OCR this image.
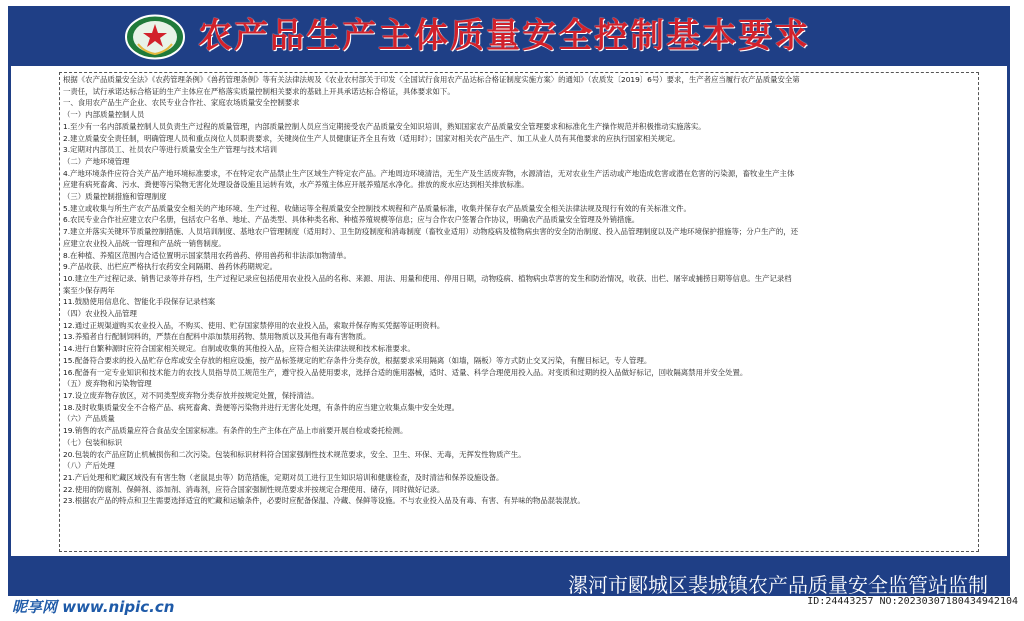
农产品生产主体质量安全控制基本要求

根据《农产品质量安全法》《农药管理条例》《兽药管理条例》等有关法律法规及《农业农村部关于印发〈全国试行食用农产品达标合格证制度实施方案〉的通知》（农质发〔2019〕6号）要求，生产者应当履行农产品质量安全第

一责任，试行承诺达标合格证的生产主体应在严格落实质量控制相关要求的基础上开具承诺达标合格证，具体要求如下。

一、食用农产品生产企业、农民专业合作社、家庭农场质量安全控制要求

（一）内部质量控制人员

1.至少有一名内部质量控制人员负责生产过程的质量管理，内部质量控制人员应当定期接受农产品质量安全知识培训，熟知国家农产品质量安全管理要求和标准化生产操作规范并积极推动实施落实。

2.建立质量安全责任制，明确管理人员和重点岗位人员职责要求，关键岗位生产人员健康证齐全且有效（适用时）；国家对相关农产品生产、加工从业人员有其他要求的应执行国家相关规定。

3.定期对内部员工、社员农户等进行质量安全生产管理与技术培训

（二）产地环境管理

4.产地环境条件应符合关产品产地环境标准要求，不在特定农产品禁止生产区域生产特定农产品。产地周边环境清洁，无生产及生活废弃物，水源清洁，无对农业生产活动或产地造成危害或潜在危害的污染源，畜牧业生产主体

应建有病死畜禽、污水、粪便等污染物无害化处理设备设施且运转有效，水产养殖主体应开展养殖尾水净化。排放的废水应达到相关排放标准。

（三）质量控制措施和管理制度

5.建立或收集与所生产农产品质量安全相关的产地环境、生产过程、收储运等全程质量安全控制技术规程和产品质量标准，收集并保存农产品质量安全相关法律法规及现行有效的有关标准文件。

6.农民专业合作社应建立农户名册，包括农户名单、地址、产品类型、具体种类名称、种植养殖规模等信息；应与合作农户签署合作协议，明确农产品质量安全管理及外销措施。

7.建立并落实关键环节质量控制措施、人员培训制度、基地农户管理制度（适用时）、卫生防疫制度和消毒制度（畜牧业适用）动物疫病及植物病虫害的安全防治制度、投入品管理制度以及产地环境保护措施等；分户生产的，还

应建立农业投入品统一管理和产品统一销售制度。

8.在种植、养殖区范围内合适位置明示国家禁用农药兽药、停用兽药和非法添加物清单。

9.产品收获、出栏应严格执行农药安全间隔期、兽药休药期规定。

10.建立生产过程记录、销售记录等并存档，生产过程记录应包括使用农业投入品的名称、来源、用法、用量和使用、停用日期，动物疫病、植物病虫草害的发生和防治情况，收获、出栏、屠宰或捕捞日期等信息。生产记录档

案至少保存两年

11.鼓励使用信息化、智能化手段保存记录档案

（四）农业投入品管理

12.通过正规渠道购买农业投入品，不购买、使用、贮存国家禁停用的农业投入品，索取并保存购买凭据等证明资料。

13.养殖者自行配制饲料的，严禁在自配料中添加禁用药物、禁用物质以及其他有毒有害物质。

14.进行自繁种源时应符合国家相关规定。自制或收集的其他投入品，应符合相关法律法规和技术标准要求。

15.配备符合要求的投入品贮存仓库或安全存放的相应设施，按产品标签规定的贮存条件分类存放，根据要求采用隔离（如墙，隔板）等方式防止交叉污染，有醒目标记，专人管理。

16.配备有一定专业知识和技术能力的农技人员指导员工规范生产，遵守投入品使用要求，选择合适的施用器械，适时、适量、科学合理使用投入品。对变质和过期的投入品做好标记，回收隔离禁用并安全处置。

（五）废弃物和污染物管理

17.设立废弃物存放区，对不同类型废弃物分类存放并按规定处置，保持清洁。

18.及时收集质量安全不合格产品、病死畜禽、粪便等污染物并进行无害化处理，有条件的应当建立收集点集中安全处理。

（六）产品质量

19.销售的农产品质量应符合食品安全国家标准。有条件的生产主体在产品上市前要开展自检或委托检测。

（七）包装和标识

20.包装的农产品应防止机械损伤和二次污染。包装和标识材料符合国家强制性技术规范要求，安全、卫生、环保、无毒，无挥发性物质产生。

（八）产后处理

21.产后处理和贮藏区域没有有害生物（老鼠昆虫等）防范措施，定期对员工进行卫生知识培训和健康检查，及时清洁和保养设施设备。

22.使用的防腐剂、保鲜剂、添加剂、消毒剂，应符合国家强制性规范要求并按规定合理使用、储存，同时做好记录。

23.根据农产品的特点和卫生需要选择适宜的贮藏和运输条件，必要时应配备保温、冷藏、保鲜等设施。不与农业投入品及有毒、有害、有异味的物品混装混放。

漯河市郾城区裴城镇农产品质量安全监管站监制
昵享网 www.nipic.cn	ID:24443257 NO:20230307180434942104
